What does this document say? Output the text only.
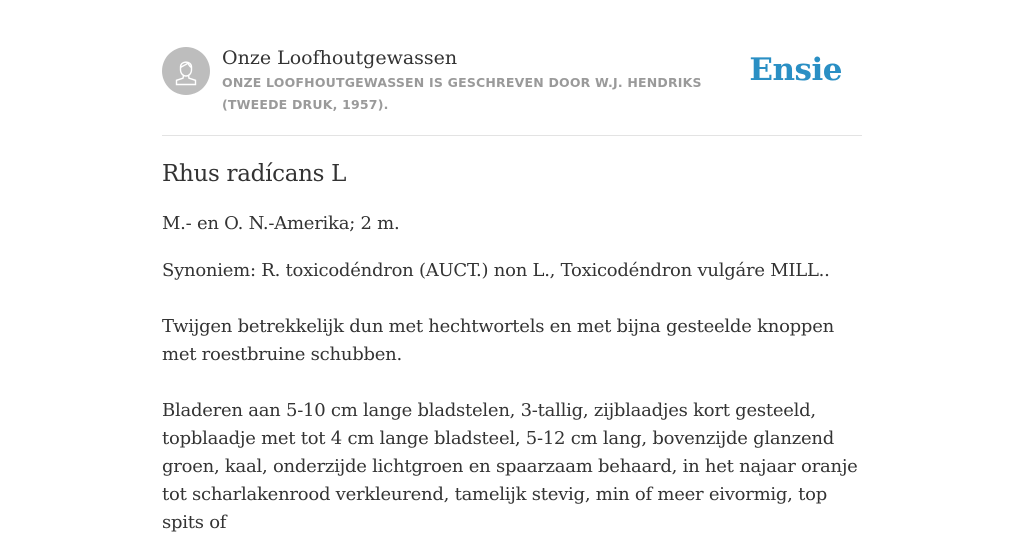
Onze Loofhoutgewassen
ONZE LOOFHOUTGEWASSEN IS GESCHREVEN DOOR W.J. HENDRIKS (TWEEDE DRUK, 1957).
Ensie
Rhus radícans L

M.- en O. N.-Amerika; 2 m.

Synoniem: R. toxicodéndron (AUCT.) non L., Toxicodéndron vulgáre MILL..

Twijgen betrekkelijk dun met hechtwortels en met bijna gesteelde knoppen met roestbruine schubben.

Bladeren aan 5-10 cm lange bladstelen, 3-tallig, zijblaadjes kort gesteeld, topblaadje met tot 4 cm lange bladsteel, 5-12 cm lang, bovenzijde glanzend groen, kaal, onderzijde lichtgroen en spaarzaam behaard, in het najaar oranje tot scharlakenrood verkleurend, tamelijk stevig, min of meer eivormig, top spits of
